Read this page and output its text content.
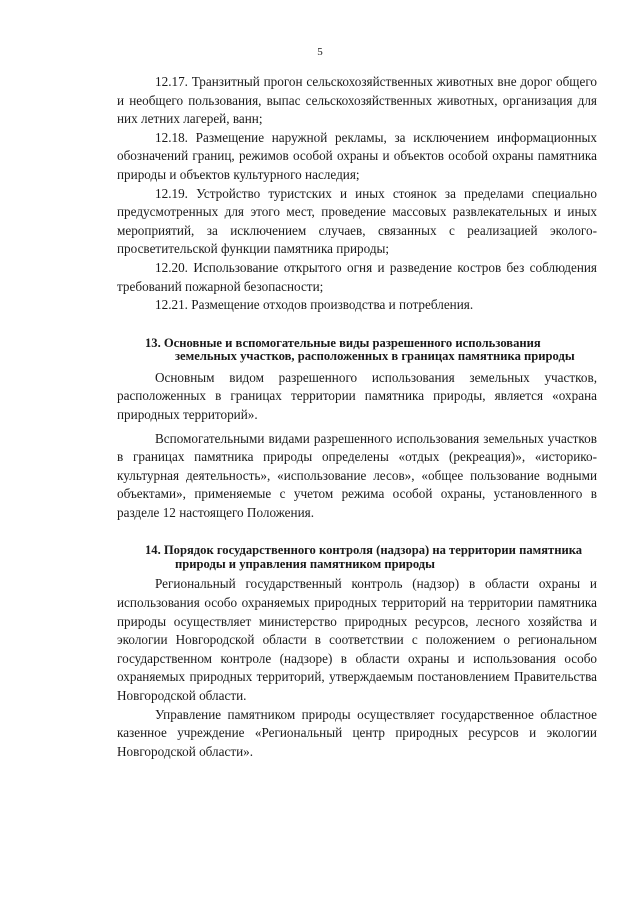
5

12.17. Транзитный прогон сельскохозяйственных животных вне дорог общего и необщего пользования, выпас сельскохозяйственных животных, организация для них летних лагерей, ванн;

12.18. Размещение наружной рекламы, за исключением информационных обозначений границ, режимов особой охраны и объектов особой охраны памятника природы и объектов культурного наследия;

12.19. Устройство туристских и иных стоянок за пределами специально предусмотренных для этого мест, проведение массовых развлекательных и иных мероприятий, за исключением случаев, связанных с реализацией эколого-просветительской функции памятника природы;

12.20. Использование открытого огня и разведение костров без соблюдения требований пожарной безопасности;

12.21. Размещение отходов производства и потребления.

13. Основные и вспомогательные виды разрешенного использования земельных участков, расположенных в границах памятника природы

Основным видом разрешенного использования земельных участков, расположенных в границах территории памятника природы, является «охрана природных территорий».

Вспомогательными видами разрешенного использования земельных участков в границах памятника природы определены «отдых (рекреация)», «историко-культурная деятельность», «использование лесов», «общее пользование водными объектами», применяемые с учетом режима особой охраны, установленного в разделе 12 настоящего Положения.

14. Порядок государственного контроля (надзора) на территории памятника природы и управления памятником природы

Региональный государственный контроль (надзор) в области охраны и использования особо охраняемых природных территорий на территории памятника природы осуществляет министерство природных ресурсов, лесного хозяйства и экологии Новгородской области в соответствии с положением о региональном государственном контроле (надзоре) в области охраны и использования особо охраняемых природных территорий, утверждаемым постановлением Правительства Новгородской области.

Управление памятником природы осуществляет государственное областное казенное учреждение «Региональный центр природных ресурсов и экологии Новгородской области».
